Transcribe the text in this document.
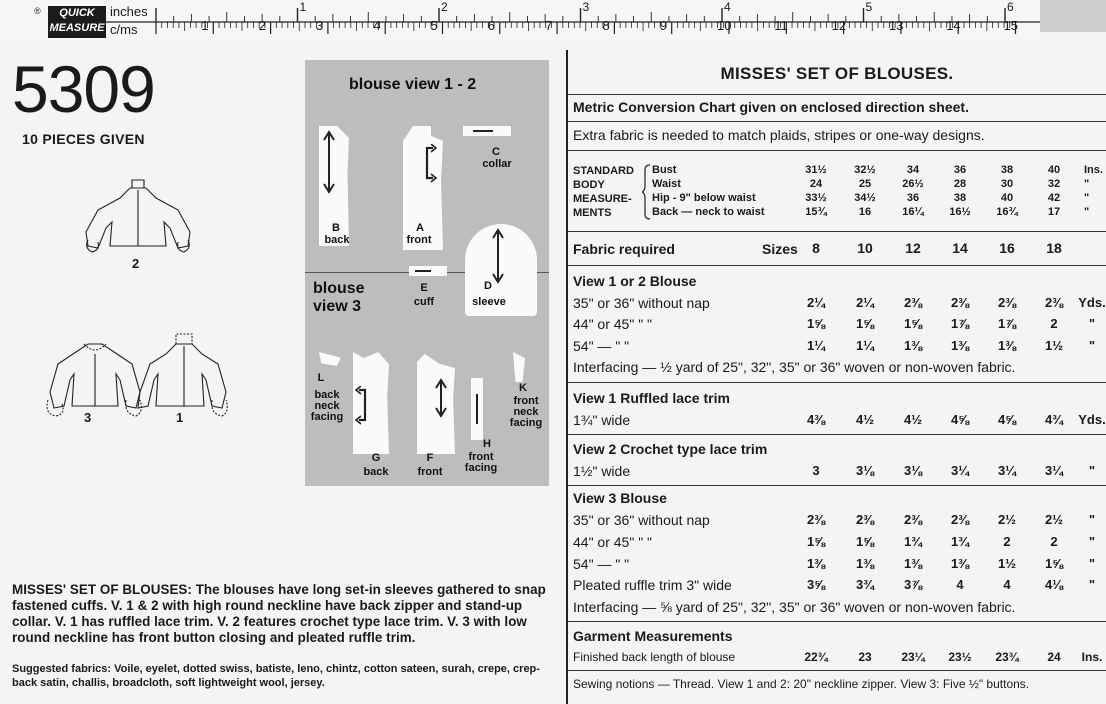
®	QUICK
MEASURE
inches
c/ms
1	2	3	4	5	6
1	2	3	4	5	6	7	8	9	10	11	12	13	14	15
5309
10 PIECES GIVEN
2
3	1
blouse view 1 - 2
B
back
A
front
C
collar
D
sleeve
blouse
view 3
E
cuff
L
back neck facing
G
back
F
front
H
front facing
K
front neck facing
MISSES' SET OF BLOUSES: The blouses have long set-in sleeves gathered to snap fastened cuffs. V. 1 & 2 with high round neckline have back zipper and stand-up collar. V. 1 has ruffled lace trim. V. 2 features crochet type lace trim. V. 3 with low round neckline has front button closing and pleated ruffle trim.
Suggested fabrics: Voile, eyelet, dotted swiss, batiste, leno, chintz, cotton sateen, surah, crepe, crep-back satin, challis, broadcloth, soft lightweight wool, jersey.
MISSES' SET OF BLOUSES.
Metric Conversion Chart given on enclosed direction sheet.
Extra fabric is needed to match plaids, stripes or one-way designs.
STANDARD
BODY
MEASURE-
MENTS
Bust	31½	32½	34	36	38	40	Ins.
Waist	24	25	26½	28	30	32	"
Hip - 9" below waist	33½	34½	36	38	40	42	"
Back — neck to waist	15¾	16	16¼	16½	16¾	17	"
Fabric required	Sizes	8	10	12	14	16	18
View 1 or 2 Blouse
35" or 36" without nap	2¼	2¼	2⅜	2⅜	2⅜	2⅜	Yds.
44" or 45" " "	1⅝	1⅝	1⅝	1⅞	1⅞	2	"
54" — " "	1¼	1¼	1⅜	1⅜	1⅜	1½	"
Interfacing — ½ yard of 25", 32", 35" or 36" woven or non-woven fabric.
View 1 Ruffled lace trim
1¾" wide	4⅜	4½	4½	4⅝	4⅝	4¾	Yds.
View 2 Crochet type lace trim
1½" wide	3	3⅛	3⅛	3¼	3¼	3¼	"
View 3 Blouse
35" or 36" without nap	2⅜	2⅜	2⅜	2⅜	2½	2½	"
44" or 45" " "	1⅝	1⅝	1¾	1¾	2	2	"
54" — " "	1⅜	1⅜	1⅜	1⅜	1½	1⅝	"
Pleated ruffle trim 3" wide	3⅝	3¾	3⅞	4	4	4⅛	"
Interfacing — ⅝ yard of 25", 32", 35" or 36" woven or non-woven fabric.
Garment Measurements
Finished back length of blouse	22¾	23	23¼	23½	23¾	24	Ins.
Sewing notions — Thread. View 1 and 2: 20" neckline zipper. View 3: Five ½" buttons.
